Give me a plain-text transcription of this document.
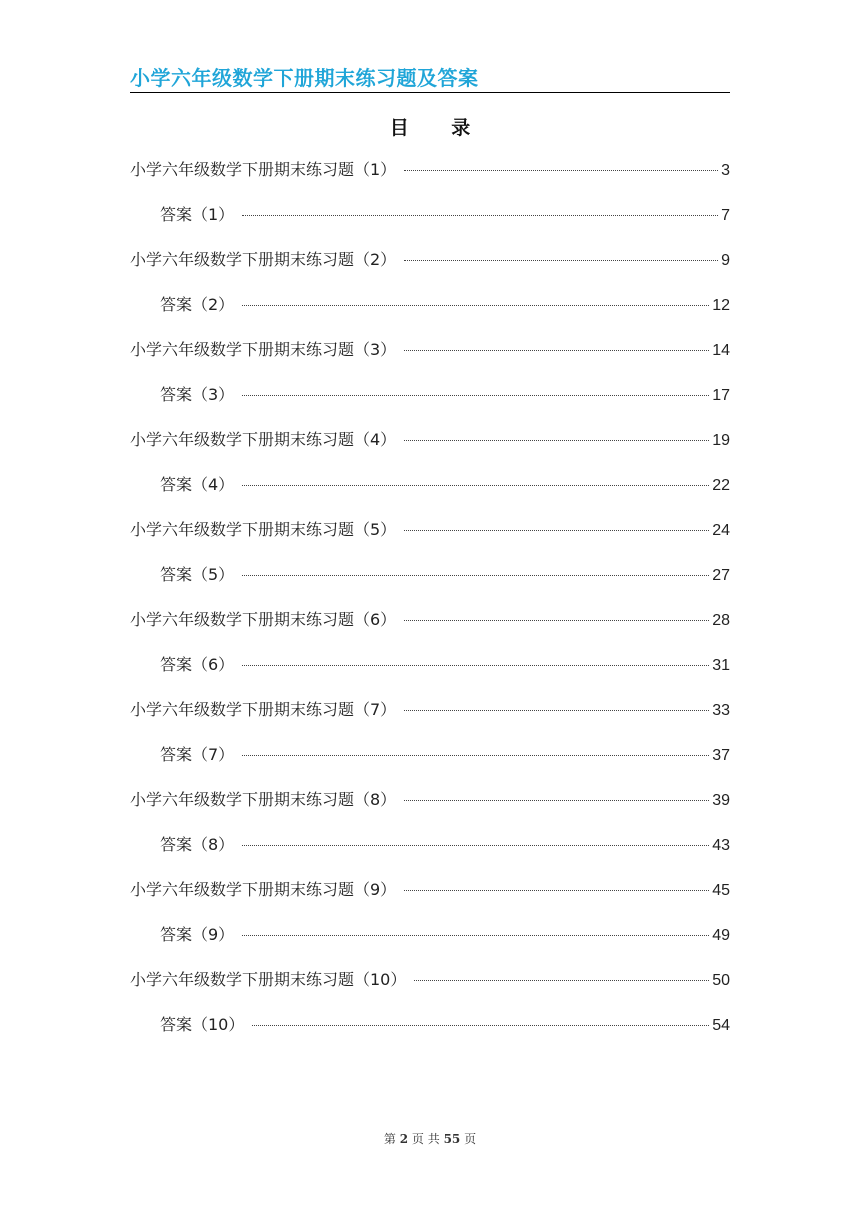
小学六年级数学下册期末练习题及答案
目 录
小学六年级数学下册期末练习题（1）	3
答案（1）	7
小学六年级数学下册期末练习题（2）	9
答案（2）	12
小学六年级数学下册期末练习题（3）	14
答案（3）	17
小学六年级数学下册期末练习题（4）	19
答案（4）	22
小学六年级数学下册期末练习题（5）	24
答案（5）	27
小学六年级数学下册期末练习题（6）	28
答案（6）	31
小学六年级数学下册期末练习题（7）	33
答案（7）	37
小学六年级数学下册期末练习题（8）	39
答案（8）	43
小学六年级数学下册期末练习题（9）	45
答案（9）	49
小学六年级数学下册期末练习题（10）	50
答案（10）	54
第 2 页 共 55 页
